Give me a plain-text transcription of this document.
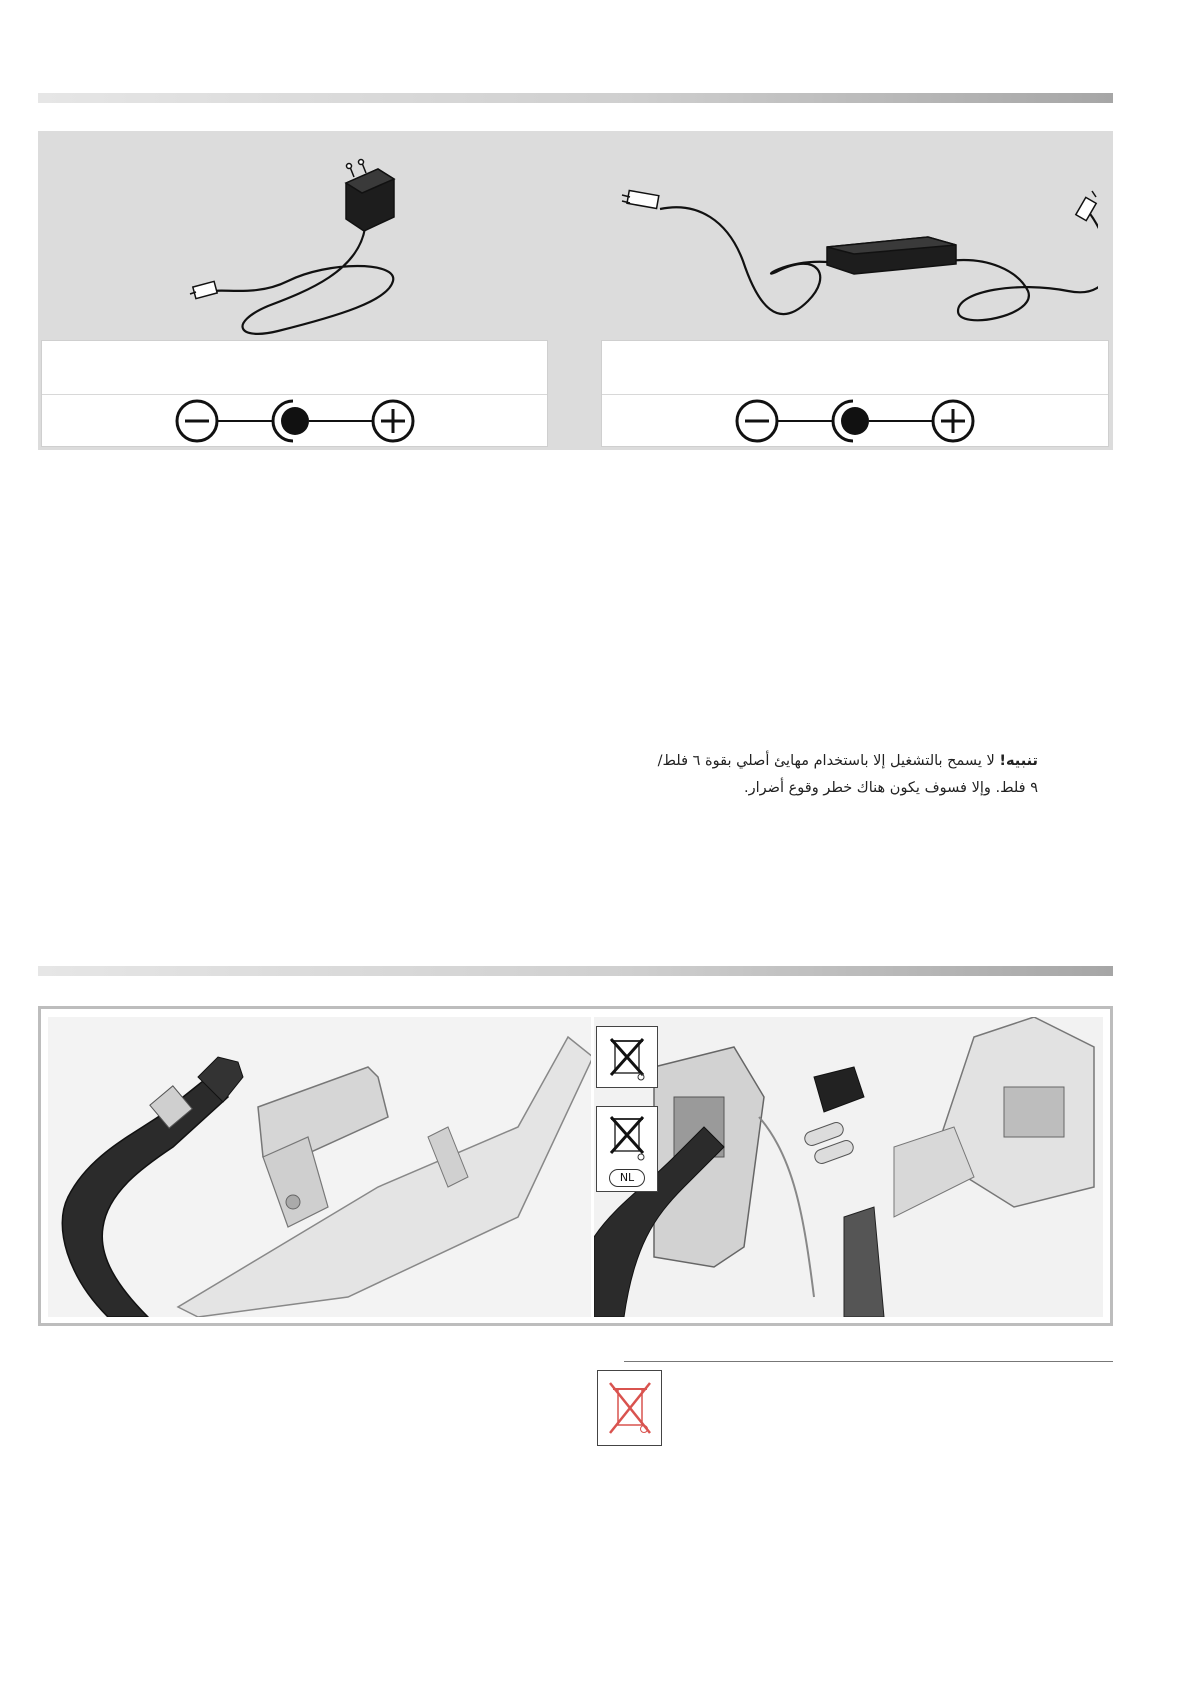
تنبيه! لا يسمح بالتشغيل إلا باستخدام مهايئ أصلي بقوة ٦ فلط/
٩ فلط. وإلا فسوف يكون هناك خطر وقوع أضرار.
NL
